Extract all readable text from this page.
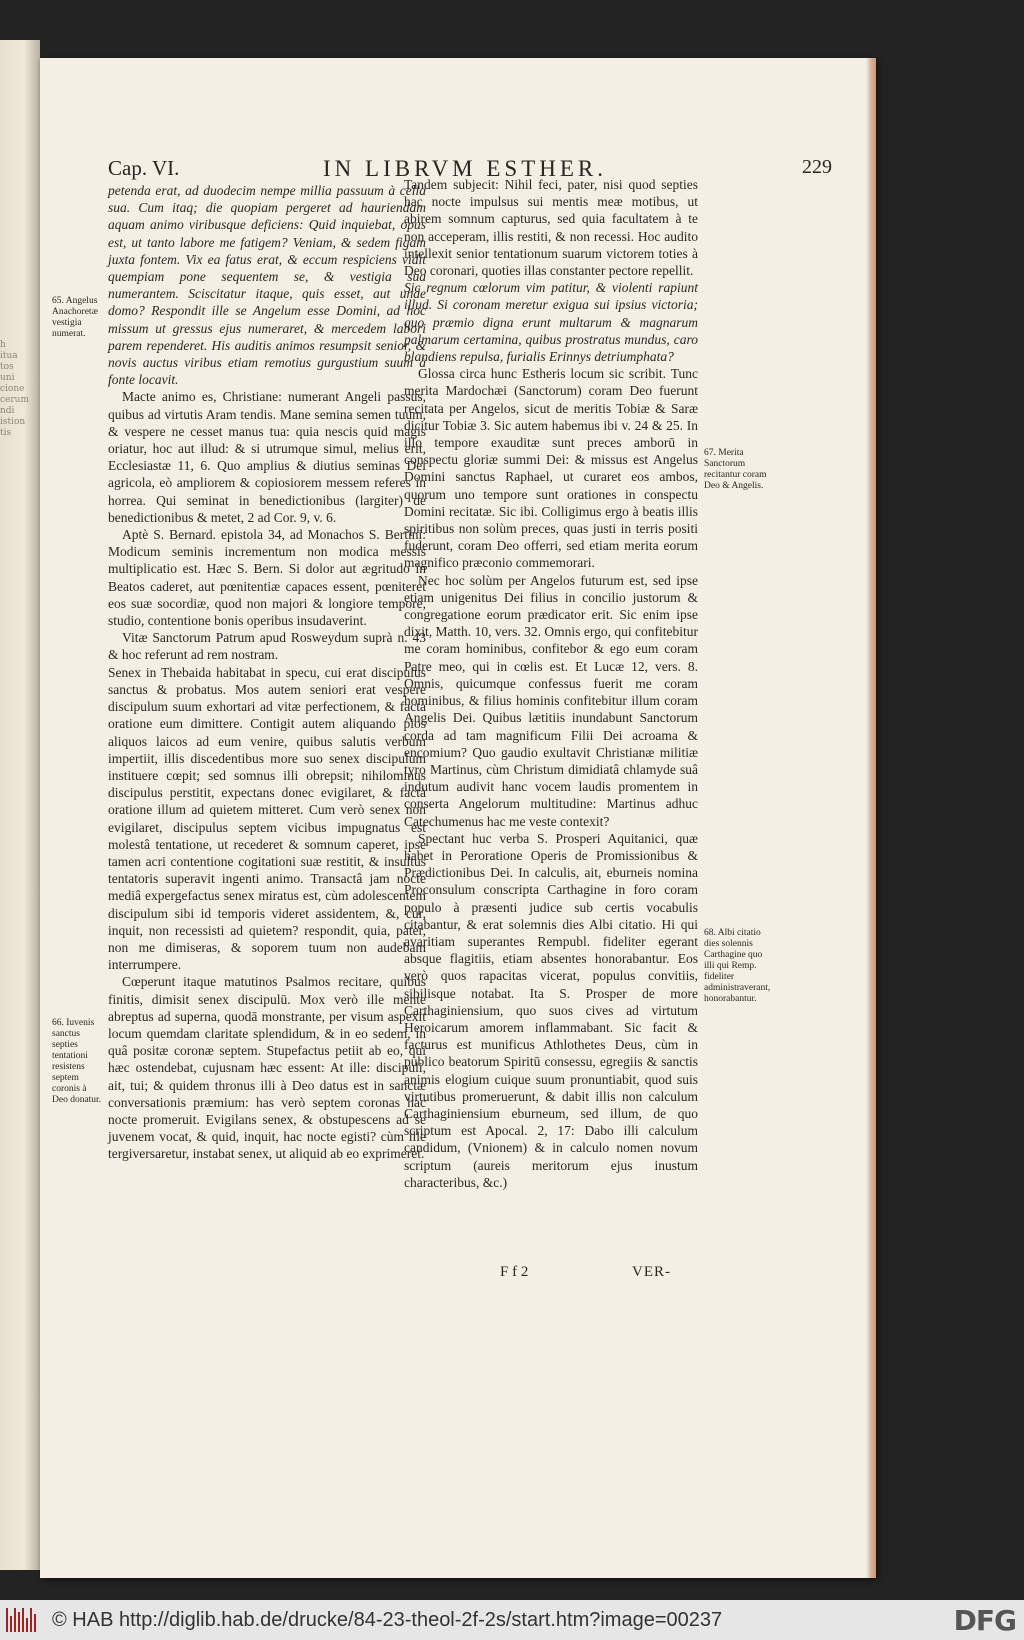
h
itua
tos
uni
cione
cerum
ndi
istion
tis
Cap. VI.	IN LIBRVM ESTHER.	229
65. Angelus Anachoretæ vestigia numerat.
66. Iuvenis sanctus septies tentationi resistens septem coronis à Deo donatur.
67. Merita Sanctorum recitantur coram Deo & Angelis.
68. Albi citatio dies solennis Carthagine quo illi qui Remp. fideliter administraverant, honorabantur.

petenda erat, ad duodecim nempe millia passuum à cella sua. Cum itaq; die quopiam pergeret ad hauriendam aquam animo viribusque deficiens: Quid inquiebat, opus est, ut tanto labore me fatigem? Veniam, & sedem figam juxta fontem. Vix ea fatus erat, & eccum respiciens vidit quempiam pone sequentem se, & vestigia sua numerantem. Sciscitatur itaque, quis esset, aut unde domo? Respondit ille se Angelum esse Domini, ad hoc missum ut gressus ejus numeraret, & mercedem labori parem rependeret. His auditis animos resumpsit senior, & novis auctus viribus etiam remotius gurgustium suum à fonte locavit.

Macte animo es, Christiane: numerant Angeli passus, quibus ad virtutis Aram tendis. Mane semina semen tuum, & vespere ne cesset manus tua: quia nescis quid magis oriatur, hoc aut illud: & si utrumque simul, melius erit, Ecclesiastæ 11, 6. Quo amplius & diutius seminas Dei agricola, eò ampliorem & copiosiorem messem referes in horrea. Qui seminat in benedictionibus (largiter) de benedictionibus & metet, 2 ad Cor. 9, v. 6.

Aptè S. Bernard. epistola 34, ad Monachos S. Bertini: Modicum seminis incrementum non modica messis multiplicatio est. Hæc S. Bern. Si dolor aut ægritudo in Beatos caderet, aut pœnitentiæ capaces essent, pœniteret eos suæ socordiæ, quod non majori & longiore tempore, studio, contentione bonis operibus insudaverint.

Vitæ Sanctorum Patrum apud Rosweydum suprà n. 43 & hoc referunt ad rem nostram.

Senex in Thebaida habitabat in specu, cui erat discipulus sanctus & probatus. Mos autem seniori erat vespere discipulum suum exhortari ad vitæ perfectionem, & factà oratione eum dimittere. Contigit autem aliquando pios aliquos laicos ad eum venire, quibus salutis verbum impertiit, illis discedentibus more suo senex discipulum instituere cœpit; sed somnus illi obrepsit; nihilominus discipulus perstitit, expectans donec evigilaret, & factà oratione illum ad quietem mitteret. Cum verò senex non evigilaret, discipulus septem vicibus impugnatus est molestâ tentatione, ut recederet & somnum caperet, ipse tamen acri contentione cogitationi suæ restitit, & insultus tentatoris superavit ingenti animo. Transactâ jam nocte mediâ expergefactus senex miratus est, cùm adolescentem discipulum sibi id temporis videret assidentem, &, cur, inquit, non recessisti ad quietem? respondit, quia, pater, non me dimiseras, & soporem tuum non audebam interrumpere.

Cœperunt itaque matutinos Psalmos recitare, quibus finitis, dimisit senex discipulū. Mox verò ille mente abreptus ad superna, quodā monstrante, per visum aspexit locum quemdam claritate splendidum, & in eo sedem, in quâ positæ coronæ septem. Stupefactus petiit ab eo, qui hæc ostendebat, cujusnam hæc essent: At ille: discipuli, ait, tui; & quidem thronus illi à Deo datus est in sanctæ conversationis præmium: has verò septem coronas hac nocte promeruit. Evigilans senex, & obstupescens ad se juvenem vocat, & quid, inquit, hac nocte egisti? cùm ille tergiversaretur, instabat senex, ut aliquid ab eo exprimeret.

Tandem subjecit: Nihil feci, pater, nisi quod septies hac nocte impulsus sui mentis meæ motibus, ut abirem somnum capturus, sed quia facultatem à te non acceperam, illis restiti, & non recessi. Hoc audito intellexit senior tentationum suarum victorem toties à Deo coronari, quoties illas constanter pectore repellit.

Sic regnum cœlorum vim patitur, & violenti rapiunt illud. Si coronam meretur exigua sui ipsius victoria; quo præmio digna erunt multarum & magnarum palmarum certamina, quibus prostratus mundus, caro blandiens repulsa, furialis Erinnys detriumphata?

Glossa circa hunc Estheris locum sic scribit. Tunc merita Mardochæi (Sanctorum) coram Deo fuerunt recitata per Angelos, sicut de meritis Tobiæ & Saræ dicitur Tobiæ 3. Sic autem habemus ibi v. 24 & 25. In illo tempore exauditæ sunt preces amborū in conspectu gloriæ summi Dei: & missus est Angelus Domini sanctus Raphael, ut curaret eos ambos, quorum uno tempore sunt orationes in conspectu Domini recitatæ. Sic ibi. Colligimus ergo à beatis illis spiritibus non solùm preces, quas justi in terris positi fuderunt, coram Deo offerri, sed etiam merita eorum magnifico præconio commemorari.

Nec hoc solùm per Angelos futurum est, sed ipse etiam unigenitus Dei filius in concilio justorum & congregatione eorum prædicator erit. Sic enim ipse dixit, Matth. 10, vers. 32. Omnis ergo, qui confitebitur me coram hominibus, confitebor & ego eum coram Patre meo, qui in cœlis est. Et Lucæ 12, vers. 8. Omnis, quicumque confessus fuerit me coram hominibus, & filius hominis confitebitur illum coram Angelis Dei. Quibus lætitiis inundabunt Sanctorum corda ad tam magnificum Filii Dei acroama & encomium? Quo gaudio exultavit Christianæ militiæ tyro Martinus, cùm Christum dimidiatâ chlamyde suâ indutum audivit hanc vocem laudis promentem in conserta Angelorum multitudine: Martinus adhuc Catechumenus hac me veste contexit?

Spectant huc verba S. Prosperi Aquitanici, quæ habet in Peroratione Operis de Promissionibus & Prædictionibus Dei. In calculis, ait, eburneis nomina Proconsulum conscripta Carthagine in foro coram populo à præsenti judice sub certis vocabulis citabantur, & erat solemnis dies Albi citatio. Hi qui avaritiam superantes Rempubl. fideliter egerant absque flagitiis, etiam absentes honorabantur. Eos verò quos rapacitas vicerat, populus convitiis, sibilisque notabat. Ita S. Prosper de more Carthaginiensium, quo suos cives ad virtutum Heroicarum amorem inflammabant. Sic facit & facturus est munificus Athlothetes Deus, cùm in publico beatorum Spiritū consessu, egregiis & sanctis animis elogium cuique suum pronuntiabit, quod suis virtutibus promeruerunt, & dabit illis non calculum Carthaginiensium eburneum, sed illum, de quo scriptum est Apocal. 2, 17: Dabo illi calculum candidum, (Vnionem) & in calculo nomen novum scriptum (aureis meritorum ejus inustum characteribus, &c.)

F f 2	VER-
© HAB http://diglib.hab.de/drucke/84-23-theol-2f-2s/start.htm?image=00237	DFG
